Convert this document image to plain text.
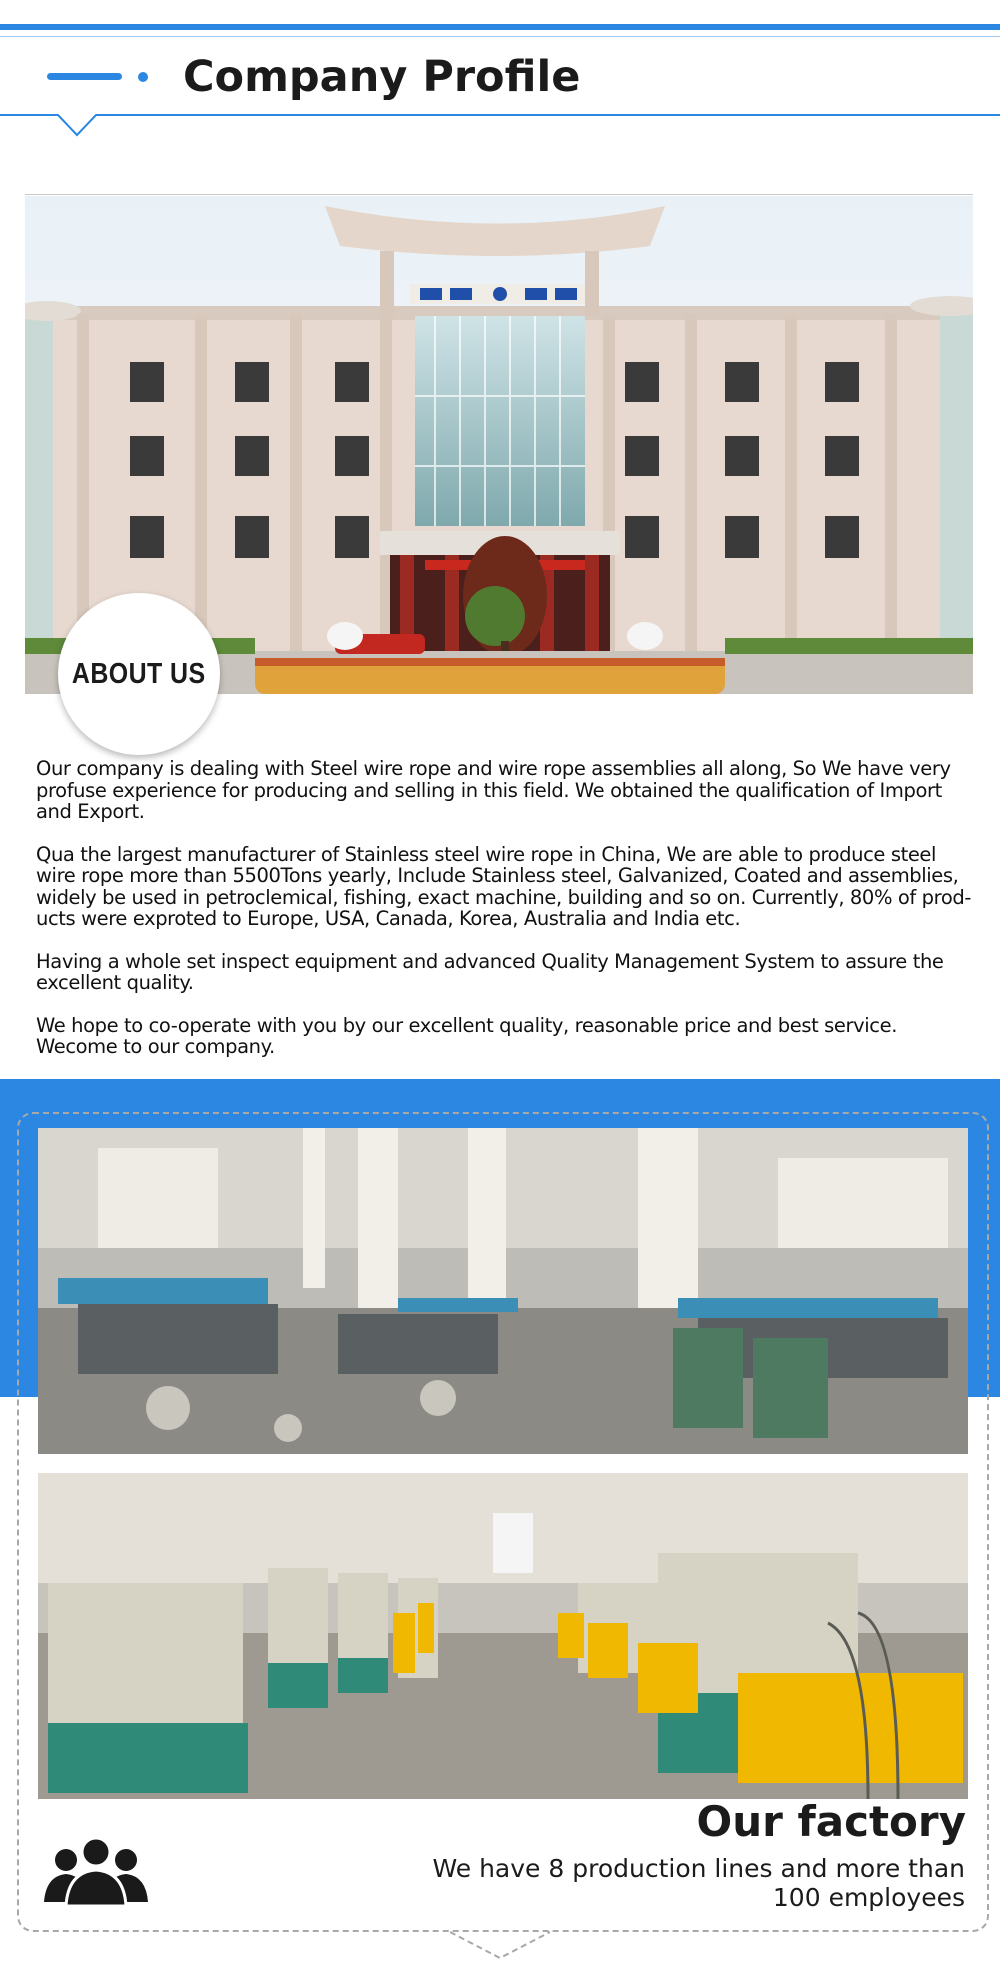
Company Profile
ABOUT US

Our company is dealing with Steel wire rope and wire rope assemblies all along, So We have very profuse experience for producing and selling in this field. We obtained the qualification of Import and Export.

Qua the largest manufacturer of Stainless steel wire rope in China, We are able to produce steel wire rope more than 5500Tons yearly, Include Stainless steel, Galvanized, Coated and assemblies, widely be used in petroclemical, fishing, exact machine, building and so on. Currently, 80% of prod-ucts were exproted to Europe, USA, Canada, Korea, Australia and India etc.

Having a whole set inspect equipment and advanced Quality Management System to assure the excellent quality.

We hope to co-operate with you by our excellent quality, reasonable price and best service. Wecome to our company.

Our factory

We have 8 production lines and more than 100 employees
